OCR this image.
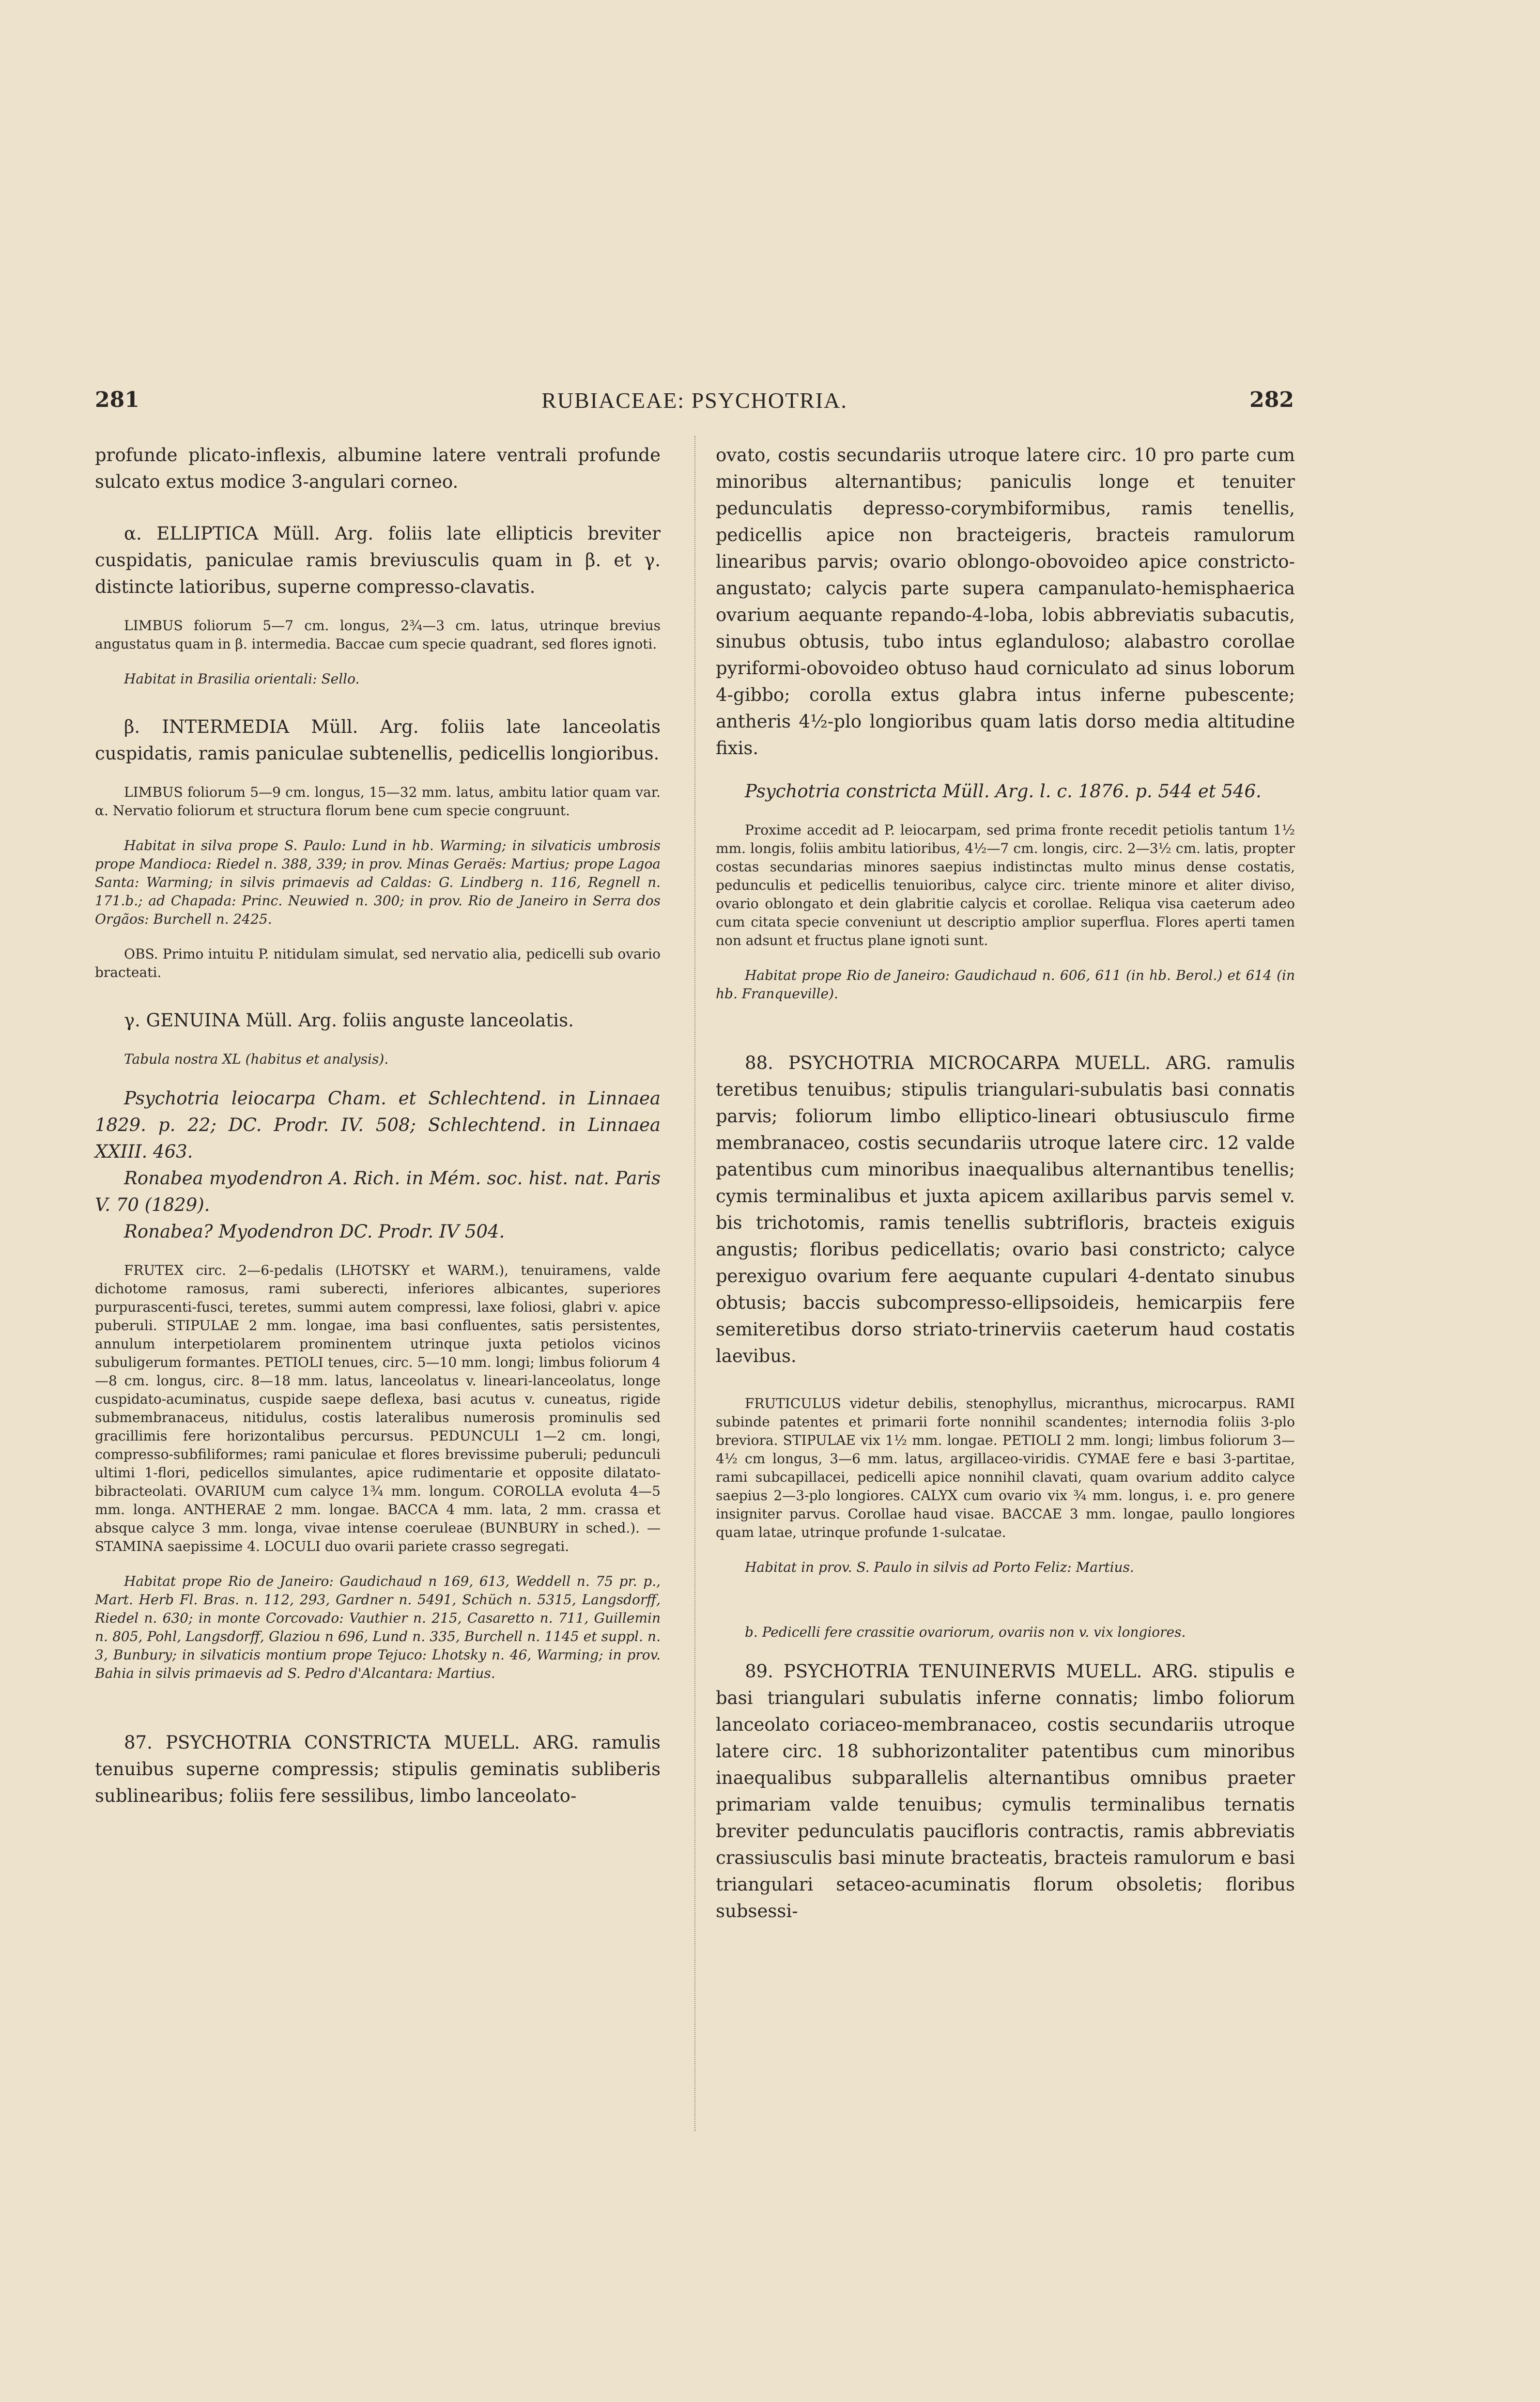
281	RUBIACEAE: PSYCHOTRIA.	282

profunde plicato-inflexis, albumine latere ventrali profunde sulcato extus modice 3-angulari corneo.

α. ELLIPTICA Müll. Arg. foliis late ellipticis breviter cuspidatis, paniculae ramis breviusculis quam in β. et γ. distincte latioribus, superne compresso-clavatis.

LIMBUS foliorum 5—7 cm. longus, 2¾—3 cm. latus, utrinque brevius angustatus quam in β. intermedia. Baccae cum specie quadrant, sed flores ignoti.

Habitat in Brasilia orientali: Sello.

β. INTERMEDIA Müll. Arg. foliis late lanceolatis cuspidatis, ramis paniculae subtenellis, pedicellis longioribus.

LIMBUS foliorum 5—9 cm. longus, 15—32 mm. latus, ambitu latior quam var. α. Nervatio foliorum et structura florum bene cum specie congruunt.

Habitat in silva prope S. Paulo: Lund in hb. Warming; in silvaticis umbrosis prope Mandioca: Riedel n. 388, 339; in prov. Minas Geraës: Martius; prope Lagoa Santa: Warming; in silvis primaevis ad Caldas: G. Lindberg n. 116, Regnell n. 171.b.; ad Chapada: Princ. Neuwied n. 300; in prov. Rio de Janeiro in Serra dos Orgãos: Burchell n. 2425.

OBS. Primo intuitu P. nitidulam simulat, sed nervatio alia, pedicelli sub ovario bracteati.

γ. GENUINA Müll. Arg. foliis anguste lanceolatis.

Tabula nostra XL (habitus et analysis).

Psychotria leiocarpa Cham. et Schlechtend. in Linnaea 1829. p. 22; DC. Prodr. IV. 508; Schlechtend. in Linnaea XXIII. 463.

Ronabea myodendron A. Rich. in Mém. soc. hist. nat. Paris V. 70 (1829).

Ronabea? Myodendron DC. Prodr. IV 504.

FRUTEX circ. 2—6-pedalis (LHOTSKY et WARM.), tenuiramens, valde dichotome ramosus, rami suberecti, inferiores albicantes, superiores purpurascenti-fusci, teretes, summi autem compressi, laxe foliosi, glabri v. apice puberuli. STIPULAE 2 mm. longae, ima basi confluentes, satis persistentes, annulum interpetiolarem prominentem utrinque juxta petiolos vicinos subuligerum formantes. PETIOLI tenues, circ. 5—10 mm. longi; limbus foliorum 4—8 cm. longus, circ. 8—18 mm. latus, lanceolatus v. lineari-lanceolatus, longe cuspidato-acuminatus, cuspide saepe deflexa, basi acutus v. cuneatus, rigide submembranaceus, nitidulus, costis lateralibus numerosis prominulis sed gracillimis fere horizontalibus percursus. PEDUNCULI 1—2 cm. longi, compresso-subfiliformes; rami paniculae et flores brevissime puberuli; pedunculi ultimi 1-flori, pedicellos simulantes, apice rudimentarie et opposite dilatato-bibracteolati. OVARIUM cum calyce 1¾ mm. longum. COROLLA evoluta 4—5 mm. longa. ANTHERAE 2 mm. longae. BACCA 4 mm. lata, 2 mm. crassa et absque calyce 3 mm. longa, vivae intense coeruleae (BUNBURY in sched.). — STAMINA saepissime 4. LOCULI duo ovarii pariete crasso segregati.

Habitat prope Rio de Janeiro: Gaudichaud n 169, 613, Weddell n. 75 pr. p., Mart. Herb Fl. Bras. n. 112, 293, Gardner n. 5491, Schüch n. 5315, Langsdorff, Riedel n. 630; in monte Corcovado: Vauthier n. 215, Casaretto n. 711, Guillemin n. 805, Pohl, Langsdorff, Glaziou n 696, Lund n. 335, Burchell n. 1145 et suppl. n. 3, Bunbury; in silvaticis montium prope Tejuco: Lhotsky n. 46, Warming; in prov. Bahia in silvis primaevis ad S. Pedro d'Alcantara: Martius.

87. PSYCHOTRIA CONSTRICTA MUELL. ARG. ramulis tenuibus superne compressis; stipulis geminatis subliberis sublinearibus; foliis fere sessilibus, limbo lanceolato-

ovato, costis secundariis utroque latere circ. 10 pro parte cum minoribus alternantibus; paniculis longe et tenuiter pedunculatis depresso-corymbiformibus, ramis tenellis, pedicellis apice non bracteigeris, bracteis ramulorum linearibus parvis; ovario oblongo-obovoideo apice constricto-angustato; calycis parte supera campanulato-hemisphaerica ovarium aequante repando-4-loba, lobis abbreviatis subacutis, sinubus obtusis, tubo intus eglanduloso; alabastro corollae pyriformi-obovoideo obtuso haud corniculato ad sinus loborum 4-gibbo; corolla extus glabra intus inferne pubescente; antheris 4½-plo longioribus quam latis dorso media altitudine fixis.

Psychotria constricta Müll. Arg. l. c. 1876. p. 544 et 546.

Proxime accedit ad P. leiocarpam, sed prima fronte recedit petiolis tantum 1½ mm. longis, foliis ambitu latioribus, 4½—7 cm. longis, circ. 2—3½ cm. latis, propter costas secundarias minores saepius indistinctas multo minus dense costatis, pedunculis et pedicellis tenuioribus, calyce circ. triente minore et aliter diviso, ovario oblongato et dein glabritie calycis et corollae. Reliqua visa caeterum adeo cum citata specie conveniunt ut descriptio amplior superflua. Flores aperti tamen non adsunt et fructus plane ignoti sunt.

Habitat prope Rio de Janeiro: Gaudichaud n. 606, 611 (in hb. Berol.) et 614 (in hb. Franqueville).

88. PSYCHOTRIA MICROCARPA MUELL. ARG. ramulis teretibus tenuibus; stipulis triangulari-subulatis basi connatis parvis; foliorum limbo elliptico-lineari obtusiusculo firme membranaceo, costis secundariis utroque latere circ. 12 valde patentibus cum minoribus inaequalibus alternantibus tenellis; cymis terminalibus et juxta apicem axillaribus parvis semel v. bis trichotomis, ramis tenellis subtrifloris, bracteis exiguis angustis; floribus pedicellatis; ovario basi constricto; calyce perexiguo ovarium fere aequante cupulari 4-dentato sinubus obtusis; baccis subcompresso-ellipsoideis, hemicarpiis fere semiteretibus dorso striato-trinerviis caeterum haud costatis laevibus.

FRUTICULUS videtur debilis, stenophyllus, micranthus, microcarpus. RAMI subinde patentes et primarii forte nonnihil scandentes; internodia foliis 3-plo breviora. STIPULAE vix 1½ mm. longae. PETIOLI 2 mm. longi; limbus foliorum 3—4½ cm longus, 3—6 mm. latus, argillaceo-viridis. CYMAE fere e basi 3-partitae, rami subcapillacei, pedicelli apice nonnihil clavati, quam ovarium addito calyce saepius 2—3-plo longiores. CALYX cum ovario vix ¾ mm. longus, i. e. pro genere insigniter parvus. Corollae haud visae. BACCAE 3 mm. longae, paullo longiores quam latae, utrinque profunde 1-sulcatae.

Habitat in prov. S. Paulo in silvis ad Porto Feliz: Martius.

b. Pedicelli fere crassitie ovariorum, ovariis non v. vix longiores.

89. PSYCHOTRIA TENUINERVIS MUELL. ARG. stipulis e basi triangulari subulatis inferne connatis; limbo foliorum lanceolato coriaceo-membranaceo, costis secundariis utroque latere circ. 18 subhorizontaliter patentibus cum minoribus inaequalibus subparallelis alternantibus omnibus praeter primariam valde tenuibus; cymulis terminalibus ternatis breviter pedunculatis paucifloris contractis, ramis abbreviatis crassiusculis basi minute bracteatis, bracteis ramulorum e basi triangulari setaceo-acuminatis florum obsoletis; floribus subsessi-
